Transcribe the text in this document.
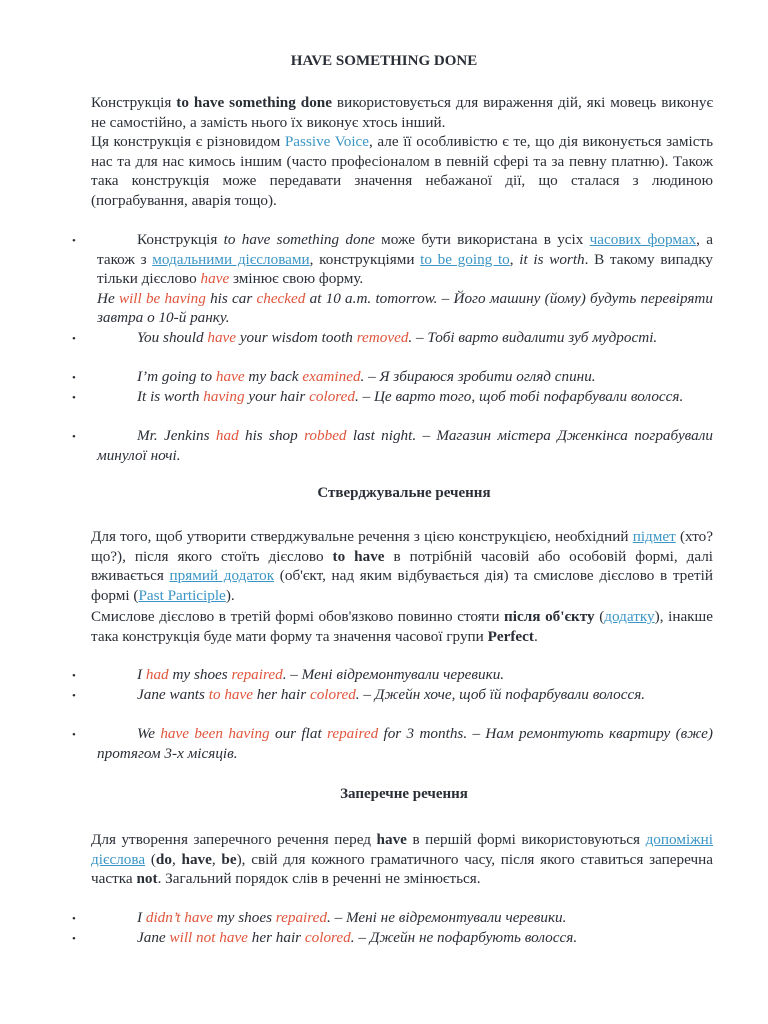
HAVE SOMETHING DONE
Конструкція to have something done використовується для вираження дій, які мовець виконує не самостійно, а замість нього їх виконує хтось інший.
Ця конструкція є різновидом Passive Voice, але її особливістю є те, що дія виконується замість нас та для нас кимось іншим (часто професіоналом в певній сфері та за певну платню). Також така конструкція може передавати значення небажаної дії, що сталася з людиною (пограбування, аварія тощо).
•	Конструкція to have something done може бути використана в усіх часових формах, а також з модальними дієсловами, конструкціями to be going to, it is worth. В такому випадку тільки дієслово have змінює свою форму.
He will be having his car checked at 10 a.m. tomorrow. – Його машину (йому) будуть перевіряти завтра о 10-й ранку.
•	You should have your wisdom tooth removed. – Тобі варто видалити зуб мудрості.
•	I’m going to have my back examined. – Я збираюся зробити огляд спини.
•	It is worth having your hair colored. – Це варто того, щоб тобі пофарбували волосся.
•	Mr. Jenkins had his shop robbed last night. – Магазин містера Дженкінса пограбували минулої ночі.
Стверджувальне речення
Для того, щоб утворити стверджувальне речення з цією конструкцією, необхідний підмет (хто? що?), після якого стоїть дієслово to have в потрібній часовій або особовій формі, далі вживається прямий додаток (об'єкт, над яким відбувається дія) та смислове дієслово в третій формі (Past Participle).
Смислове дієслово в третій формі обов'язково повинно стояти після об'єкту (додатку), інакше така конструкція буде мати форму та значення часової групи Perfect.
•	I had my shoes repaired. – Мені відремонтували черевики.
•	Jane wants to have her hair colored. – Джейн хоче, щоб їй пофарбували волосся.
•	We have been having our flat repaired for 3 months. – Нам ремонтують квартиру (вже) протягом 3-х місяців.
Заперечне речення
Для утворення заперечного речення перед have в першій формі використовуються допоміжні дієслова (do, have, be), свій для кожного граматичного часу, після якого ставиться заперечна частка not. Загальний порядок слів в реченні не змінюється.
•	I didn’t have my shoes repaired. – Мені не відремонтували черевики.
•	Jane will not have her hair colored. – Джейн не пофарбують волосся.
